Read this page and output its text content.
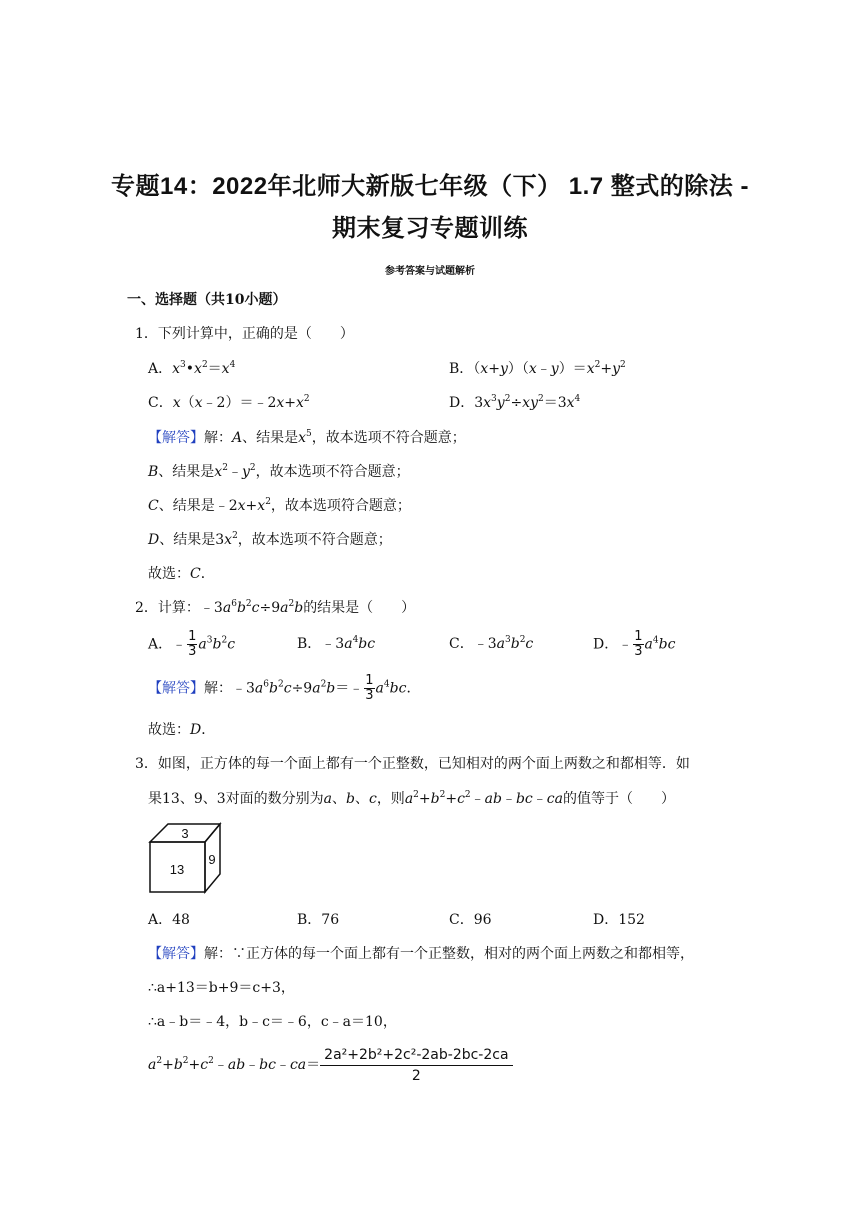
专题14：2022年北师大新版七年级（下） 1.7 整式的除法 -
期末复习专题训练
参考答案与试题解析
一、选择题（共10小题）
1．下列计算中，正确的是（　　）
A．$x^3•x^2=x^4$	B．$(x+y)(x﹣y)=x^2+y^2$
C．$x(x﹣2)=﹣2x+x^2$	D．$3x^3y^2\div xy^2=3x^4$
【解答】解：A、结果是$x^5$，故本选项不符合题意；
B、结果是$x^2﹣y^2$，故本选项不符合题意；
C、结果是$﹣2x+x^2$，故本选项符合题意；
D、结果是$3x^2$，故本选项不符合题意；
故选：C．
2．计算：$﹣3a^6b^2c\div 9a^2b$的结果是（　　）
A．﹣ $\frac{1}{3} a^3b^2c$	B．$﹣3a^4bc$	C．$﹣3a^3b^2c$	D．﹣ $\frac{1}{3} a^4bc$
【解答】解：$﹣3a^6b^2c\div 9a^2b=﹣ \frac{1}{3} a^4bc$．
故选：D．
3．如图，正方体的每一个面上都有一个正整数，已知相对的两个面上两数之和都相等．如
果13、9、3对面的数分别为a、b、c，则$a^2+b^2+c^2﹣ab﹣bc﹣ca$的值等于（　　）
3
13
9
A．48	B．76	C．96	D．152
【解答】解：∵正方体的每一个面上都有一个正整数，相对的两个面上两数之和都相等，
∴a+13＝b+9＝c+3，
∴a﹣b＝﹣4，b﹣c＝﹣6，c﹣a＝10，
$a^2+b^2+c^2﹣ab﹣bc﹣ca= \frac{\text{2a²+2b²+2c²-2ab-2bc-2ca}}{2}$
